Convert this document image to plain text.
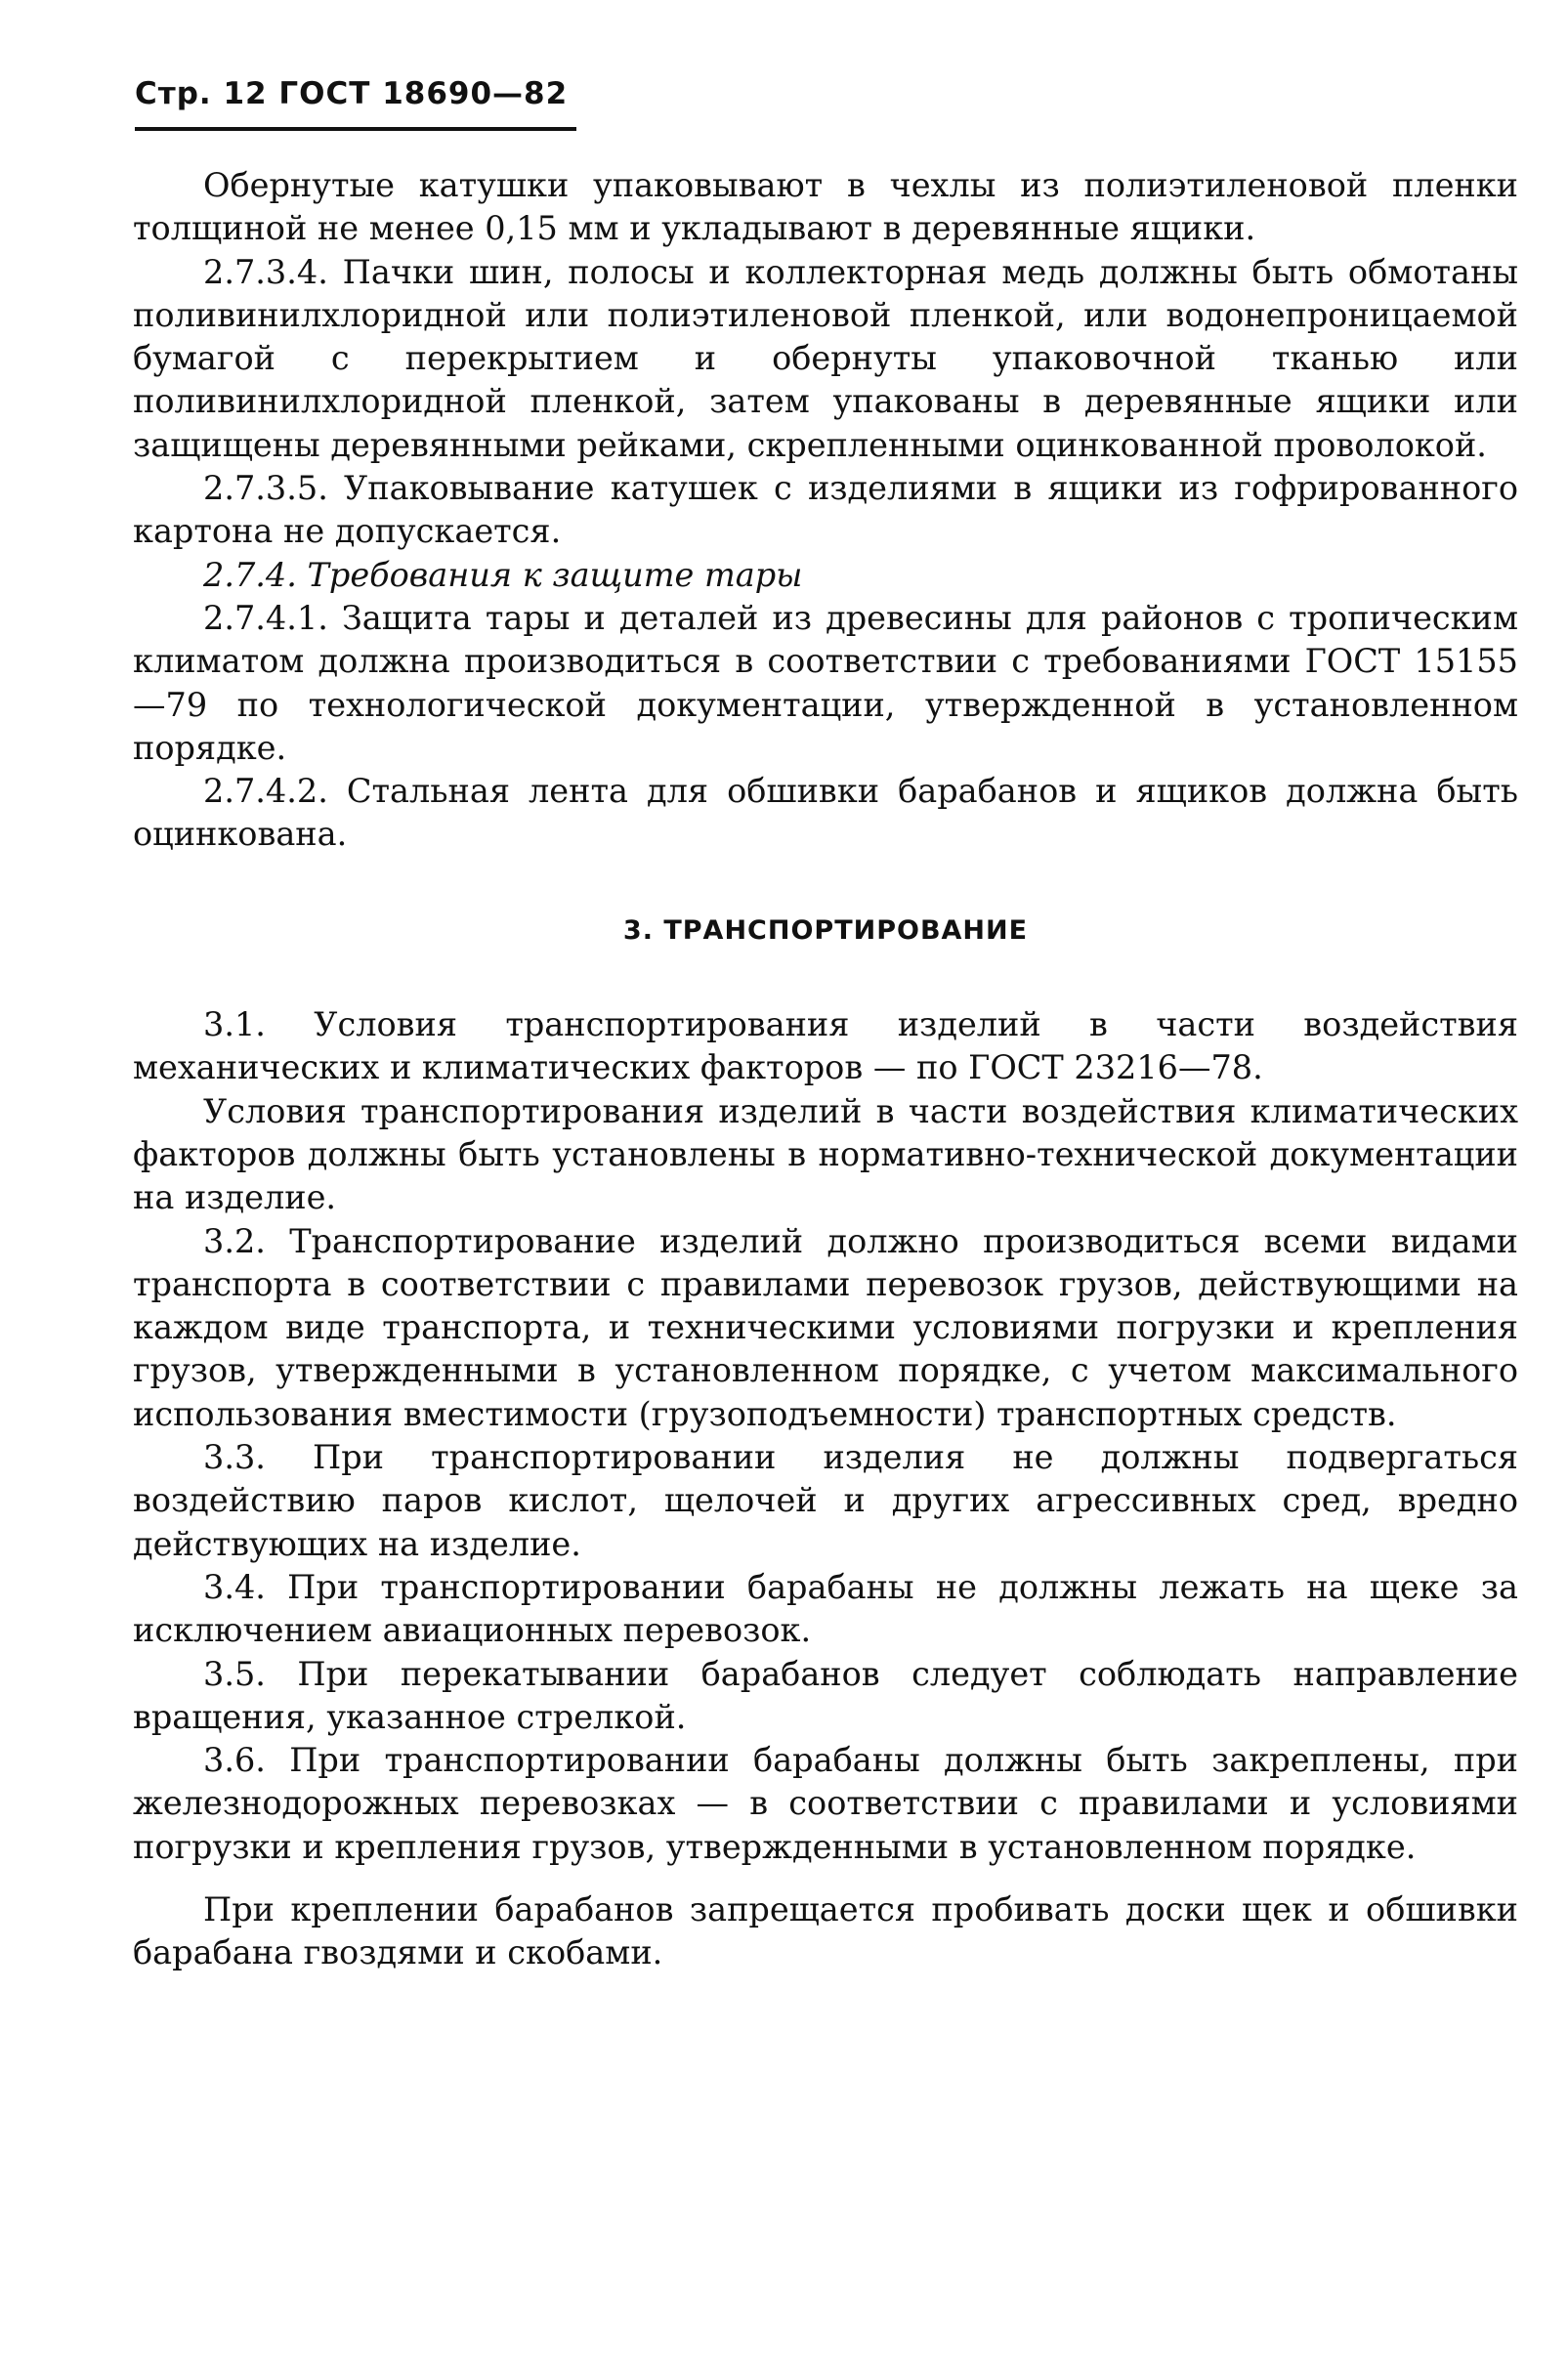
Стр. 12 ГОСТ 18690—82

Обернутые катушки упаковывают в чехлы из полиэтиленовой пленки толщиной не менее 0,15 мм и укладывают в деревянные ящики.

2.7.3.4. Пачки шин, полосы и коллекторная медь должны быть обмотаны поливинилхлоридной или полиэтиленовой пленкой, или водонепроницаемой бумагой с перекрытием и обернуты упаковочной тканью или поливинилхлоридной пленкой, затем упакованы в деревянные ящики или защищены деревянными рейками, скрепленными оцинкованной проволокой.

2.7.3.5. Упаковывание катушек с изделиями в ящики из гофрированного картона не допускается.

2.7.4. Требования к защите тары

2.7.4.1. Защита тары и деталей из древесины для районов с тропическим климатом должна производиться в соответствии с требованиями ГОСТ 15155—79 по технологической документации, утвержденной в установленном порядке.

2.7.4.2. Стальная лента для обшивки барабанов и ящиков должна быть оцинкована.

3. ТРАНСПОРТИРОВАНИЕ

3.1. Условия транспортирования изделий в части воздействия механических и климатических факторов — по ГОСТ 23216—78.

Условия транспортирования изделий в части воздействия климатических факторов должны быть установлены в нормативно-технической документации на изделие.

3.2. Транспортирование изделий должно производиться всеми видами транспорта в соответствии с правилами перевозок грузов, действующими на каждом виде транспорта, и техническими условиями погрузки и крепления грузов, утвержденными в установленном порядке, с учетом максимального использования вместимости (грузоподъемности) транспортных средств.

3.3. При транспортировании изделия не должны подвергаться воздействию паров кислот, щелочей и других агрессивных сред, вредно действующих на изделие.

3.4. При транспортировании барабаны не должны лежать на щеке за исключением авиационных перевозок.

3.5. При перекатывании барабанов следует соблюдать направление вращения, указанное стрелкой.

3.6. При транспортировании барабаны должны быть закреплены, при железнодорожных перевозках — в соответствии с правилами и условиями погрузки и крепления грузов, утвержденными в установленном порядке.

При креплении барабанов запрещается пробивать доски щек и обшивки барабана гвоздями и скобами.
